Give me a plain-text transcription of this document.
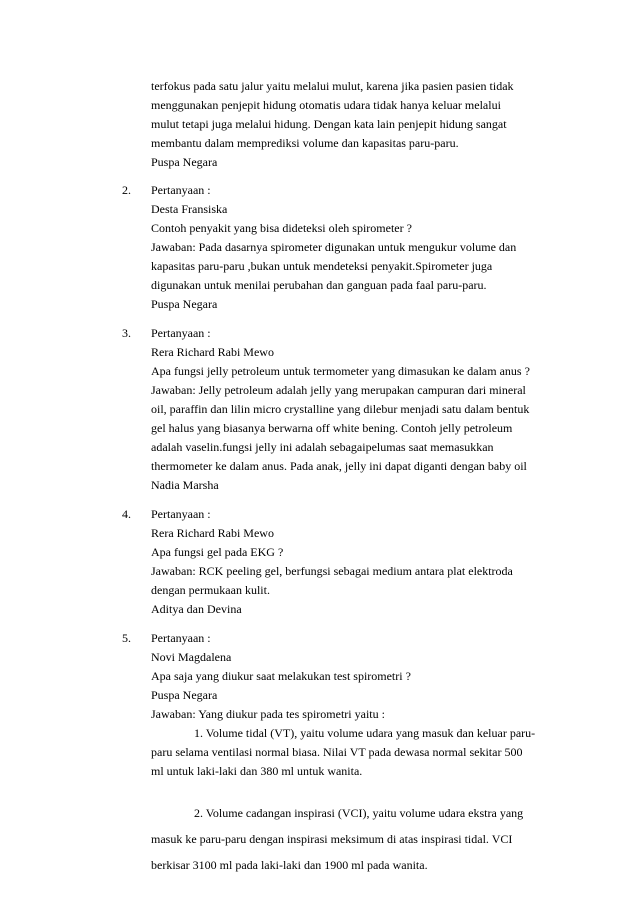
terfokus pada satu jalur yaitu melalui mulut, karena jika pasien pasien tidak
menggunakan penjepit hidung otomatis udara tidak hanya keluar melalui
mulut tetapi juga melalui hidung. Dengan kata lain penjepit hidung sangat
membantu dalam memprediksi volume dan kapasitas paru-paru.
Puspa Negara
2. Pertanyaan :
Desta Fransiska
Contoh penyakit yang bisa dideteksi oleh spirometer ?
Jawaban: Pada dasarnya spirometer digunakan untuk mengukur volume dan
kapasitas paru-paru ,bukan untuk mendeteksi penyakit.Spirometer juga
digunakan untuk menilai perubahan dan ganguan pada faal paru-paru.
Puspa Negara
3. Pertanyaan :
Rera Richard Rabi Mewo
Apa fungsi jelly petroleum untuk termometer yang dimasukan ke dalam anus ?
Jawaban: Jelly petroleum adalah jelly yang merupakan campuran dari mineral
oil, paraffin dan lilin micro crystalline yang dilebur menjadi satu dalam bentuk
gel halus yang biasanya berwarna off white bening. Contoh jelly petroleum
adalah vaselin.fungsi jelly ini adalah sebagaipelumas saat memasukkan
thermometer ke dalam anus. Pada anak, jelly ini dapat diganti dengan baby oil
Nadia Marsha
4. Pertanyaan :
Rera Richard Rabi Mewo
Apa fungsi gel pada EKG ?
Jawaban: RCK peeling gel, berfungsi sebagai medium antara plat elektroda
dengan permukaan kulit.
Aditya dan Devina
5. Pertanyaan :
Novi Magdalena
Apa saja yang diukur saat melakukan test spirometri ?
Puspa Negara
Jawaban: Yang diukur pada tes spirometri yaitu :
1. Volume tidal (VT), yaitu volume udara yang masuk dan keluar paru-
paru selama ventilasi normal biasa. Nilai VT pada dewasa normal sekitar 500
ml untuk laki-laki dan 380 ml untuk wanita.
2. Volume cadangan inspirasi (VCI), yaitu volume udara ekstra yang
masuk ke paru-paru dengan inspirasi meksimum di atas inspirasi tidal. VCI
berkisar 3100 ml pada laki-laki dan 1900 ml pada wanita.
